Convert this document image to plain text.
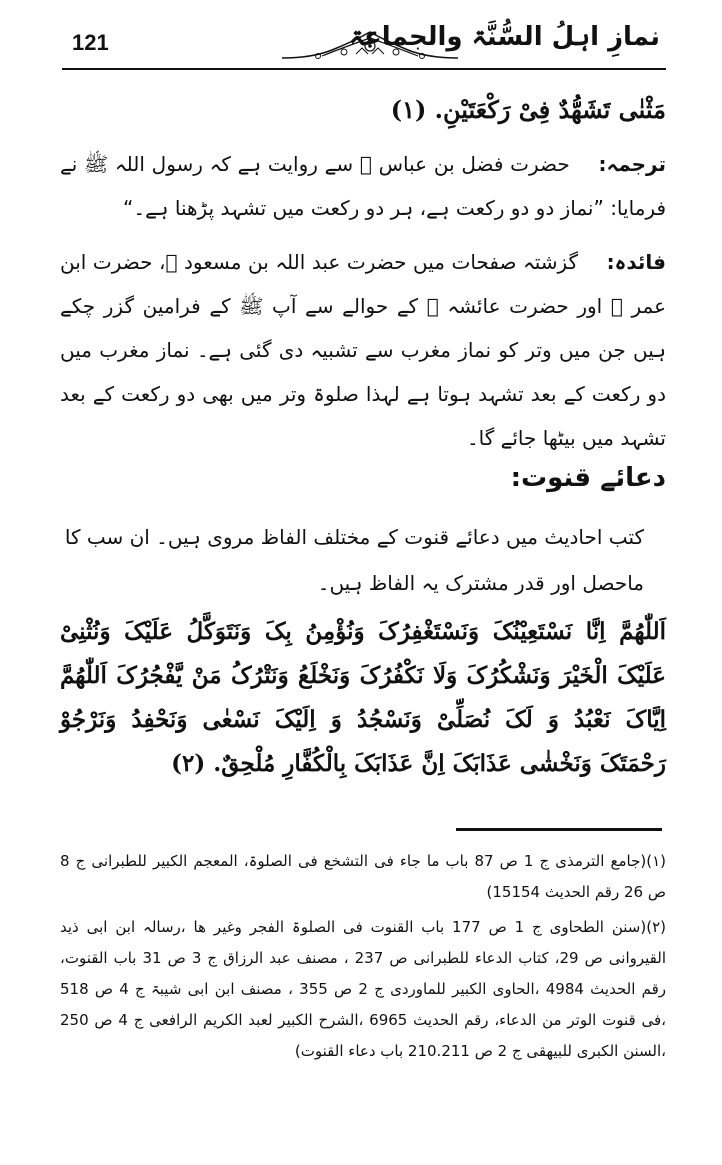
121	نمازِ اہلُ السُّنَّۃ والجماعۃ
مَثْنٰی تَشَهُّدٌ فِیْ رَکْعَتَیْنِ. (۱)
ترجمہ: حضرت فضل بن عباس ﷠ سے روایت ہے کہ رسول اللہ ﷺ نے فرمایا: ”نماز دو دو رکعت ہے، ہر دو رکعت میں تشہد پڑھنا ہے۔“
فائدہ: گزشتہ صفحات میں حضرت عبد اللہ بن مسعود ﷛، حضرت ابن عمر ﷠ اور حضرت عائشہ ﷝ کے حوالے سے آپ ﷺ کے فرامین گزر چکے ہیں جن میں وتر کو نماز مغرب سے تشبیہ دی گئی ہے۔ نماز مغرب میں دو رکعت کے بعد تشہد ہوتا ہے لہذا صلوۃ وتر میں بھی دو رکعت کے بعد تشہد میں بیٹھا جائے گا۔
دعائے قنوت:
کتب احادیث میں دعائے قنوت کے مختلف الفاظ مروی ہیں۔ ان سب کا ماحصل اور قدر مشترک یہ الفاظ ہیں۔
اَللّٰهُمَّ اِنَّا نَسْتَعِیْنُکَ وَنَسْتَغْفِرُکَ وَنُؤْمِنُ بِکَ وَنَتَوَکَّلُ عَلَیْکَ وَنُثْنِیْ عَلَیْکَ الْخَیْرَ وَنَشْکُرُکَ وَلَا نَکْفُرُکَ وَنَخْلَعُ وَنَتْرُکُ مَنْ یَّفْجُرُکَ اَللّٰهُمَّ اِیَّاکَ نَعْبُدُ وَ لَکَ نُصَلِّیْ وَنَسْجُدُ وَ اِلَیْکَ نَسْعٰی وَنَحْفِدُ وَنَرْجُوْ رَحْمَتَکَ وَنَخْشٰی عَذَابَکَ اِنَّ عَذَابَکَ بِالْکُفَّارِ مُلْحِقٌ. (۲)

(۱)(جامع الترمذی ج 1 ص 87 باب ما جاء فی التشخع فی الصلوۃ، المعجم الکبیر للطبرانی ج 8 ص 26 رقم الحدیث 15154)

(۲)(سنن الطحاوی ج 1 ص 177 باب القنوت فی الصلوۃ الفجر وغیر ھا ،رسالہ ابن ابی ذید القیروانی ص 29، کتاب الدعاء للطبرانی ص 237 ، مصنف عبد الرزاق ج 3 ص 31 باب القنوت، رقم الحدیث 4984 ،الحاوی الکبیر للماوردی ج 2 ص 355 ، مصنف ابن ابی شیبۃ ج 4 ص 518 ،فی قنوت الوتر من الدعاء، رقم الحدیث 6965 ،الشرح الکبیر لعبد الکریم الرافعی ج 4 ص 250 ،السنن الکبری للبیھقی ج 2 ص 210.211 باب دعاء القنوت)
